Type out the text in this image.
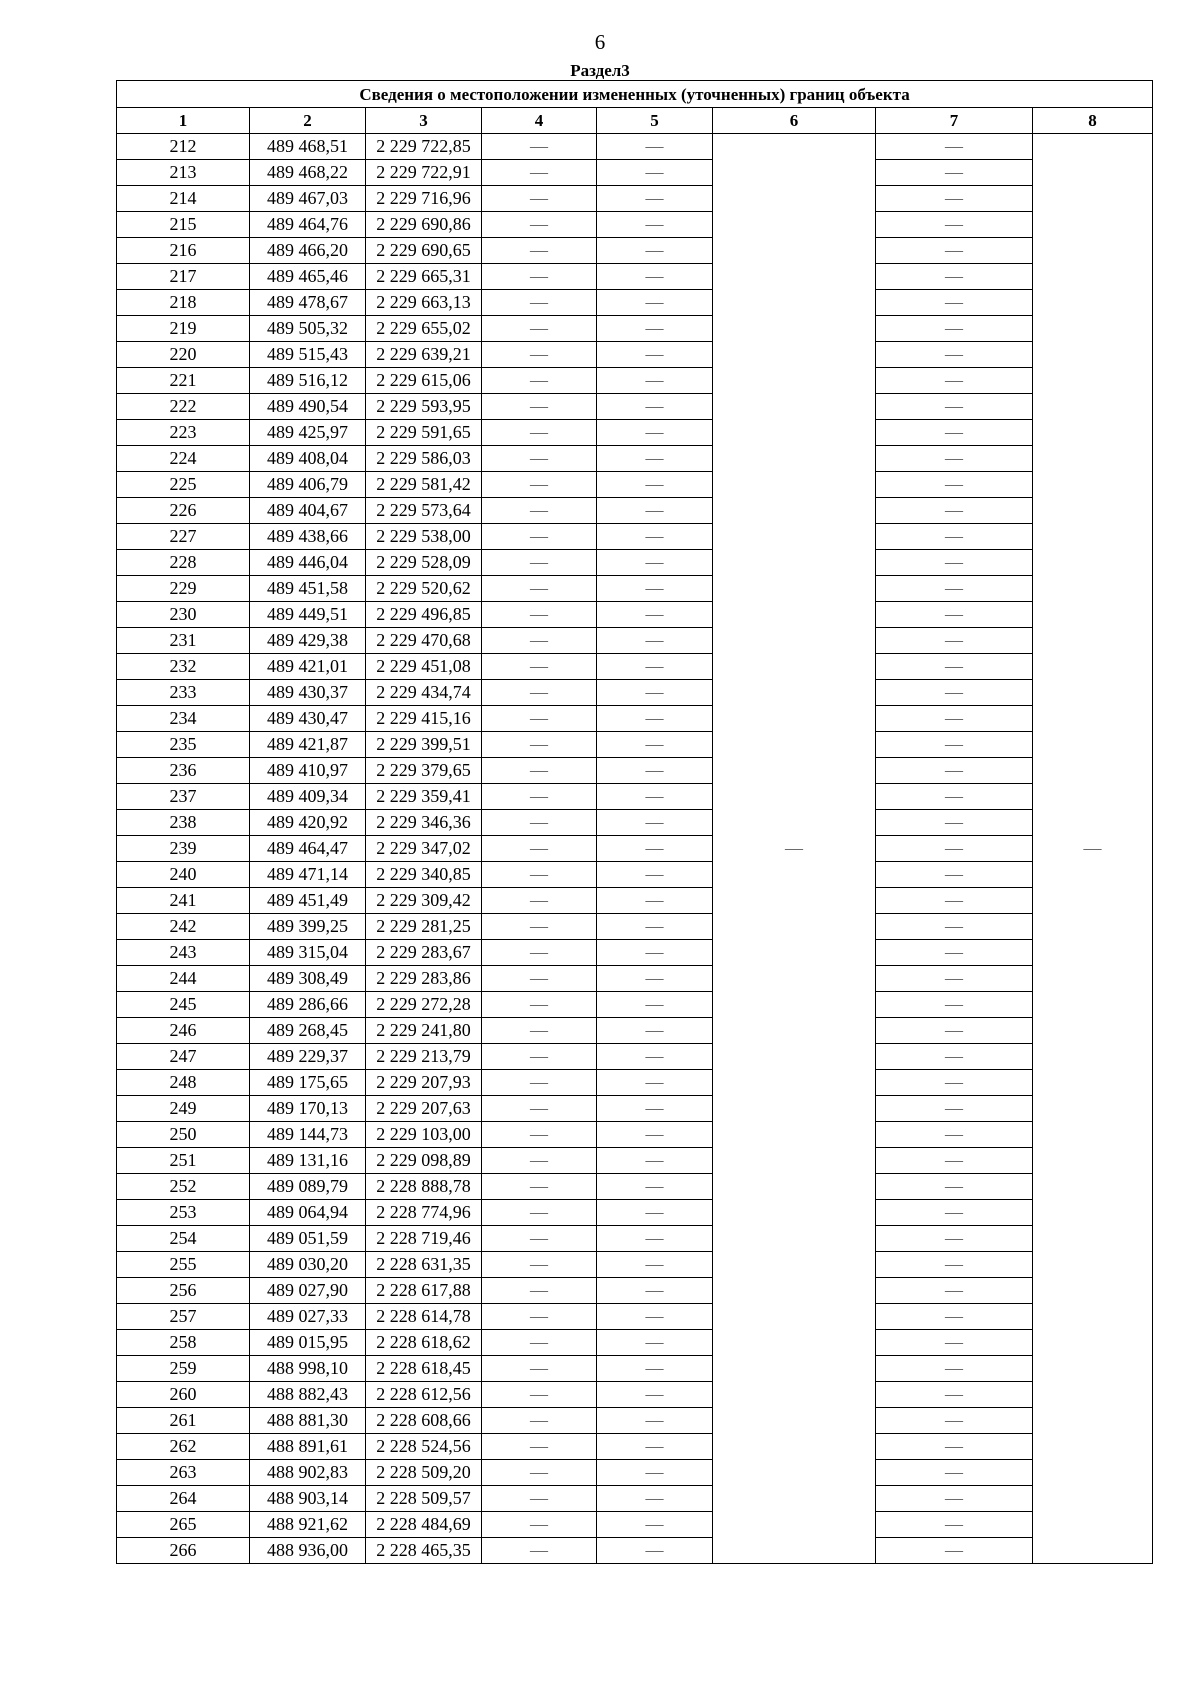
6
Раздел3
Сведения о местоположении измененных (уточненных) границ объекта							
1	2	3	4	5	6	7	8
212	489 468,51	2 229 722,85	—	—	—	—	—
213	489 468,22	2 229 722,91	—	—		—	
214	489 467,03	2 229 716,96	—	—		—	
215	489 464,76	2 229 690,86	—	—		—	
216	489 466,20	2 229 690,65	—	—		—	
217	489 465,46	2 229 665,31	—	—		—	
218	489 478,67	2 229 663,13	—	—		—	
219	489 505,32	2 229 655,02	—	—		—	
220	489 515,43	2 229 639,21	—	—		—	
221	489 516,12	2 229 615,06	—	—		—	
222	489 490,54	2 229 593,95	—	—		—	
223	489 425,97	2 229 591,65	—	—		—	
224	489 408,04	2 229 586,03	—	—		—	
225	489 406,79	2 229 581,42	—	—		—	
226	489 404,67	2 229 573,64	—	—		—	
227	489 438,66	2 229 538,00	—	—		—	
228	489 446,04	2 229 528,09	—	—		—	
229	489 451,58	2 229 520,62	—	—		—	
230	489 449,51	2 229 496,85	—	—		—	
231	489 429,38	2 229 470,68	—	—		—	
232	489 421,01	2 229 451,08	—	—		—	
233	489 430,37	2 229 434,74	—	—		—	
234	489 430,47	2 229 415,16	—	—		—	
235	489 421,87	2 229 399,51	—	—		—	
236	489 410,97	2 229 379,65	—	—		—	
237	489 409,34	2 229 359,41	—	—		—	
238	489 420,92	2 229 346,36	—	—		—	
239	489 464,47	2 229 347,02	—	—		—	
240	489 471,14	2 229 340,85	—	—		—	
241	489 451,49	2 229 309,42	—	—		—	
242	489 399,25	2 229 281,25	—	—		—	
243	489 315,04	2 229 283,67	—	—		—	
244	489 308,49	2 229 283,86	—	—		—	
245	489 286,66	2 229 272,28	—	—		—	
246	489 268,45	2 229 241,80	—	—		—	
247	489 229,37	2 229 213,79	—	—		—	
248	489 175,65	2 229 207,93	—	—		—	
249	489 170,13	2 229 207,63	—	—		—	
250	489 144,73	2 229 103,00	—	—		—	
251	489 131,16	2 229 098,89	—	—		—	
252	489 089,79	2 228 888,78	—	—		—	
253	489 064,94	2 228 774,96	—	—		—	
254	489 051,59	2 228 719,46	—	—		—	
255	489 030,20	2 228 631,35	—	—		—	
256	489 027,90	2 228 617,88	—	—		—	
257	489 027,33	2 228 614,78	—	—		—	
258	489 015,95	2 228 618,62	—	—		—	
259	488 998,10	2 228 618,45	—	—		—	
260	488 882,43	2 228 612,56	—	—		—	
261	488 881,30	2 228 608,66	—	—		—	
262	488 891,61	2 228 524,56	—	—		—	
263	488 902,83	2 228 509,20	—	—		—	
264	488 903,14	2 228 509,57	—	—		—	
265	488 921,62	2 228 484,69	—	—		—	
266	488 936,00	2 228 465,35	—	—		—	
